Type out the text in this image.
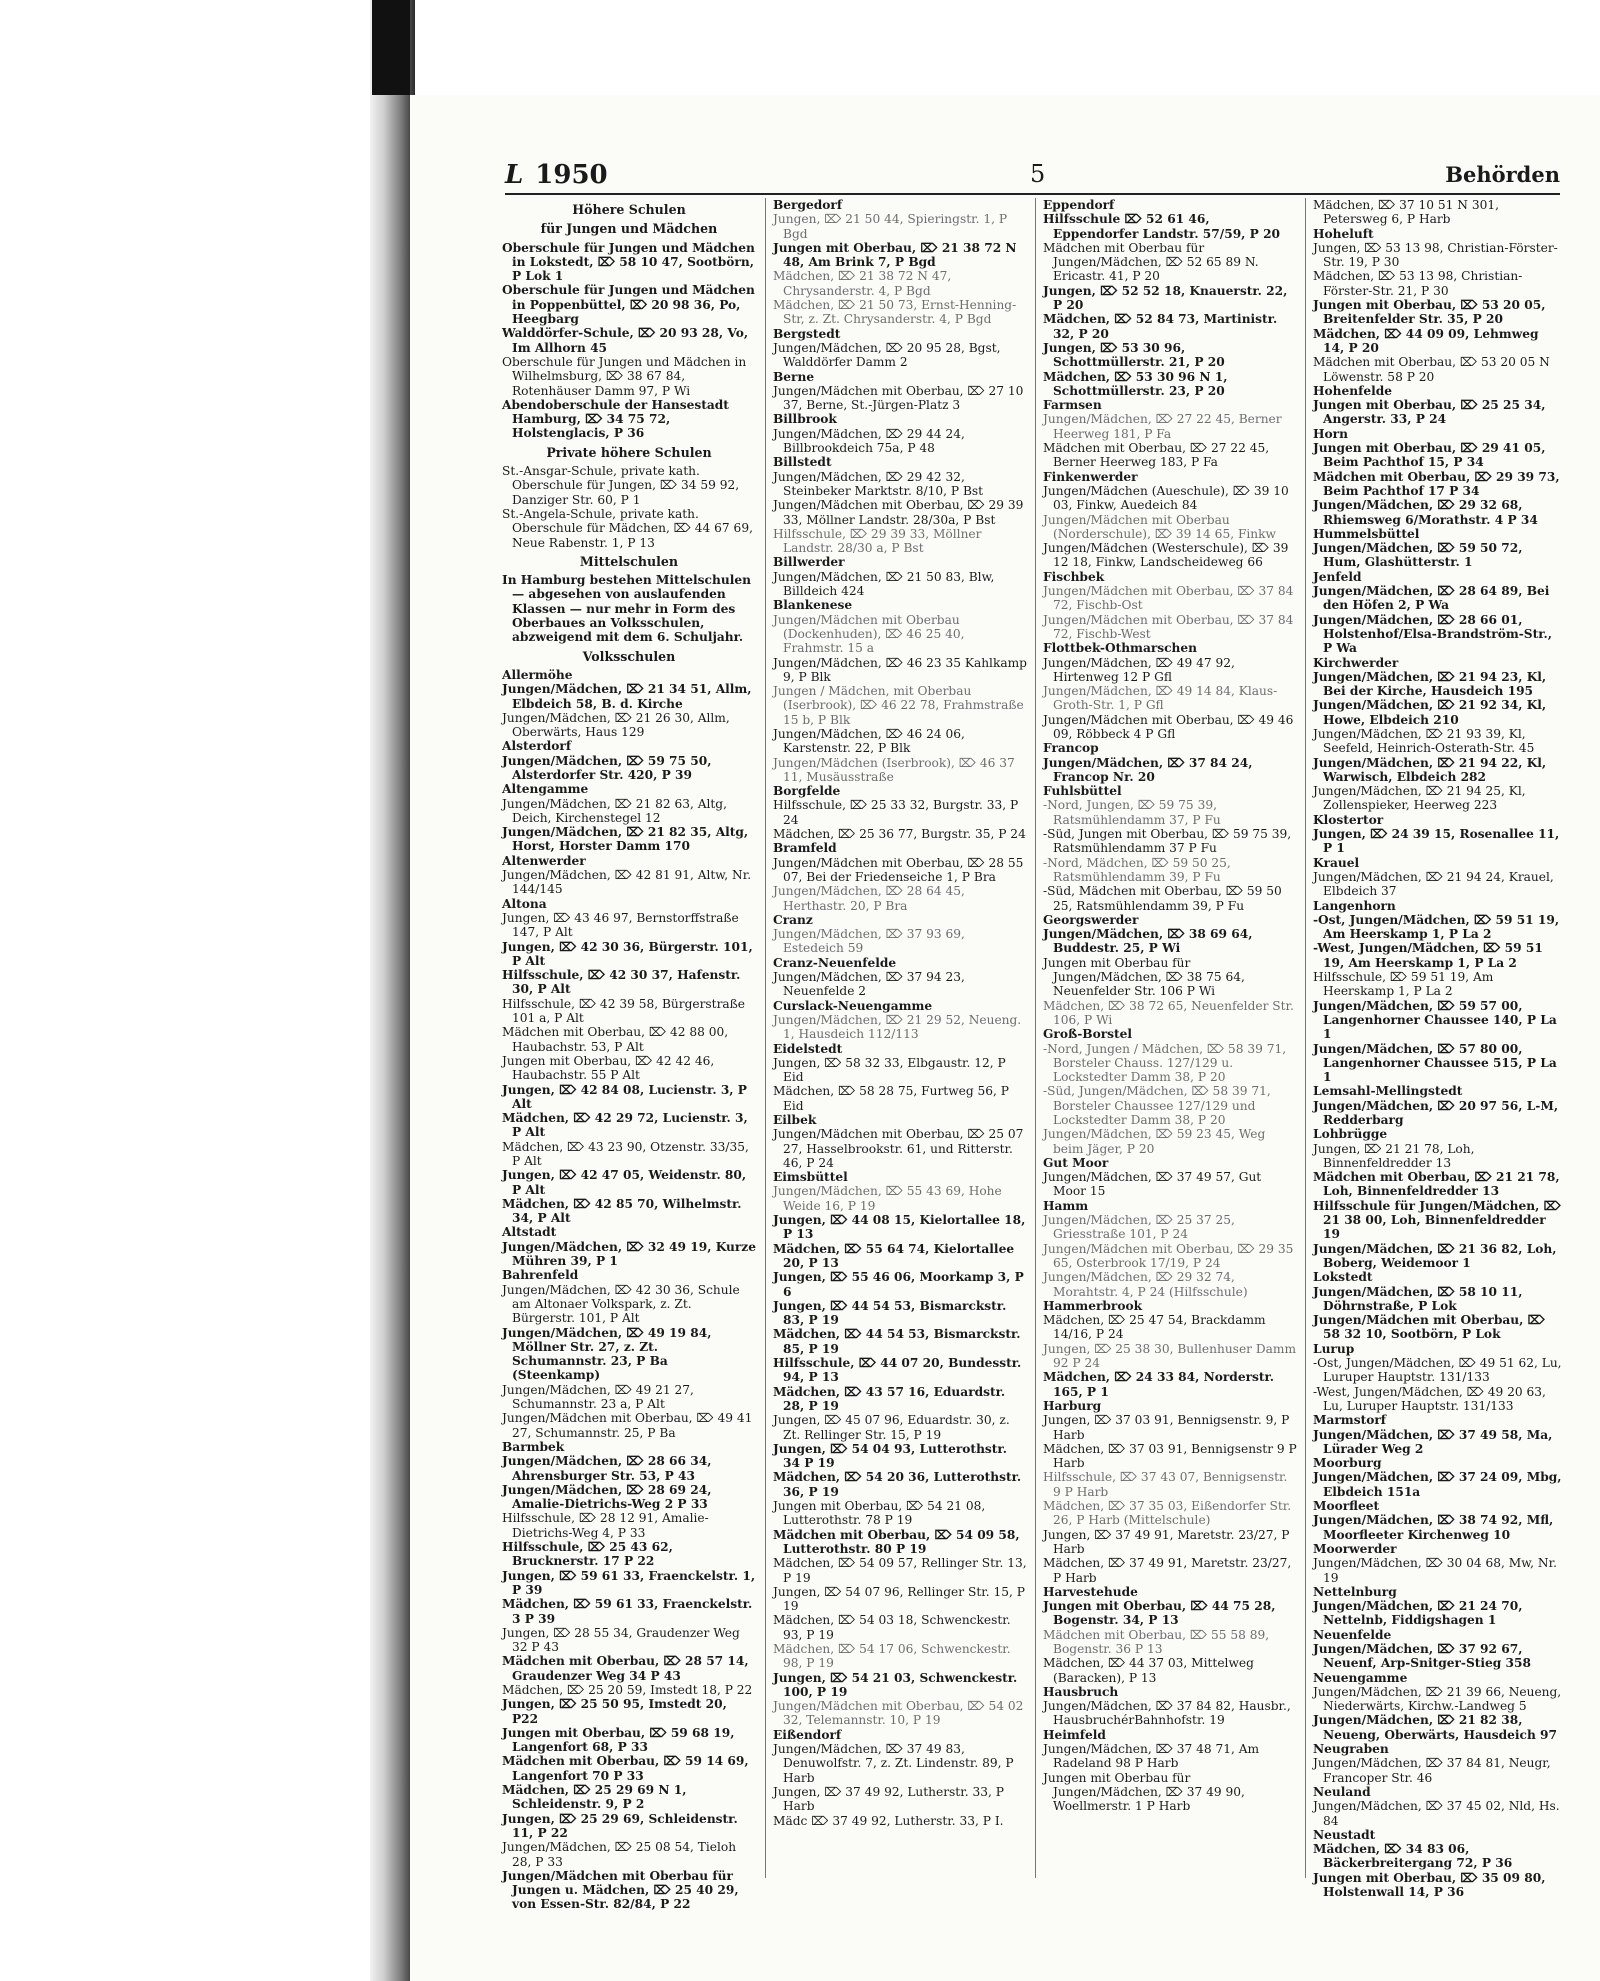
L 1950	5	Behörden

Höhere Schulen

für Jungen und Mädchen

Oberschule für Jungen und Mädchen in Lokstedt, ⌦ 58 10 47, Sootbörn, P Lok 1

Oberschule für Jungen und Mädchen in Poppenbüttel, ⌦ 20 98 36, Po, Heegbarg

Walddörfer-Schule, ⌦ 20 93 28, Vo, Im Allhorn 45

Oberschule für Jungen und Mädchen in Wilhelmsburg, ⌦ 38 67 84, Rotenhäuser Damm 97, P Wi

Abendoberschule der Hansestadt Hamburg, ⌦ 34 75 72, Holstenglacis, P 36

Private höhere Schulen

St.-Ansgar-Schule, private kath. Oberschule für Jungen, ⌦ 34 59 92, Danziger Str. 60, P 1

St.-Angela-Schule, private kath. Oberschule für Mädchen, ⌦ 44 67 69, Neue Rabenstr. 1, P 13

Mittelschulen

In Hamburg bestehen Mittelschulen — abgesehen von auslaufenden Klassen — nur mehr in Form des Oberbaues an Volksschulen, abzweigend mit dem 6. Schuljahr.

Volksschulen

Allermöhe

Jungen/Mädchen, ⌦ 21 34 51, Allm, Elbdeich 58, B. d. Kirche

Jungen/Mädchen, ⌦ 21 26 30, Allm, Oberwärts, Haus 129

Alsterdorf

Jungen/Mädchen, ⌦ 59 75 50, Alsterdorfer Str. 420, P 39

Altengamme

Jungen/Mädchen, ⌦ 21 82 63, Altg, Deich, Kirchenstegel 12

Jungen/Mädchen, ⌦ 21 82 35, Altg, Horst, Horster Damm 170

Altenwerder

Jungen/Mädchen, ⌦ 42 81 91, Altw, Nr. 144/145

Altona

Jungen, ⌦ 43 46 97, Bernstorffstraße 147, P Alt

Jungen, ⌦ 42 30 36, Bürgerstr. 101, P Alt

Hilfsschule, ⌦ 42 30 37, Hafenstr. 30, P Alt

Hilfsschule, ⌦ 42 39 58, Bürgerstraße 101 a, P Alt

Mädchen mit Oberbau, ⌦ 42 88 00, Haubachstr. 53, P Alt

Jungen mit Oberbau, ⌦ 42 42 46, Haubachstr. 55 P Alt

Jungen, ⌦ 42 84 08, Lucienstr. 3, P Alt

Mädchen, ⌦ 42 29 72, Lucienstr. 3, P Alt

Mädchen, ⌦ 43 23 90, Otzenstr. 33/35, P Alt

Jungen, ⌦ 42 47 05, Weidenstr. 80, P Alt

Mädchen, ⌦ 42 85 70, Wilhelmstr. 34, P Alt

Altstadt

Jungen/Mädchen, ⌦ 32 49 19, Kurze Mühren 39, P 1

Bahrenfeld

Jungen/Mädchen, ⌦ 42 30 36, Schule am Altonaer Volkspark, z. Zt. Bürgerstr. 101, P Alt

Jungen/Mädchen, ⌦ 49 19 84, Möllner Str. 27, z. Zt. Schumannstr. 23, P Ba (Steenkamp)

Jungen/Mädchen, ⌦ 49 21 27, Schumannstr. 23 a, P Alt

Jungen/Mädchen mit Oberbau, ⌦ 49 41 27, Schumannstr. 25, P Ba

Barmbek

Jungen/Mädchen, ⌦ 28 66 34, Ahrensburger Str. 53, P 43

Jungen/Mädchen, ⌦ 28 69 24, Amalie-Dietrichs-Weg 2 P 33

Hilfsschule, ⌦ 28 12 91, Amalie-Dietrichs-Weg 4, P 33

Hilfsschule, ⌦ 25 43 62, Brucknerstr. 17 P 22

Jungen, ⌦ 59 61 33, Fraenckelstr. 1, P 39

Mädchen, ⌦ 59 61 33, Fraenckelstr. 3 P 39

Jungen, ⌦ 28 55 34, Graudenzer Weg 32 P 43

Mädchen mit Oberbau, ⌦ 28 57 14, Graudenzer Weg 34 P 43

Mädchen, ⌦ 25 20 59, Imstedt 18, P 22

Jungen, ⌦ 25 50 95, Imstedt 20, P22

Jungen mit Oberbau, ⌦ 59 68 19, Langenfort 68, P 33

Mädchen mit Oberbau, ⌦ 59 14 69, Langenfort 70 P 33

Mädchen, ⌦ 25 29 69 N 1, Schleidenstr. 9, P 2

Jungen, ⌦ 25 29 69, Schleidenstr. 11, P 22

Jungen/Mädchen, ⌦ 25 08 54, Tieloh 28, P 33

Jungen/Mädchen mit Oberbau für Jungen u. Mädchen, ⌦ 25 40 29, von Essen-Str. 82/84, P 22

Bergedorf

Jungen, ⌦ 21 50 44, Spieringstr. 1, P Bgd

Jungen mit Oberbau, ⌦ 21 38 72 N 48, Am Brink 7, P Bgd

Mädchen, ⌦ 21 38 72 N 47, Chrysanderstr. 4, P Bgd

Mädchen, ⌦ 21 50 73, Ernst-Henning-Str, z. Zt. Chrysanderstr. 4, P Bgd

Bergstedt

Jungen/Mädchen, ⌦ 20 95 28, Bgst, Walddörfer Damm 2

Berne

Jungen/Mädchen mit Oberbau, ⌦ 27 10 37, Berne, St.-Jürgen-Platz 3

Billbrook

Jungen/Mädchen, ⌦ 29 44 24, Billbrookdeich 75a, P 48

Billstedt

Jungen/Mädchen, ⌦ 29 42 32, Steinbeker Marktstr. 8/10, P Bst

Jungen/Mädchen mit Oberbau, ⌦ 29 39 33, Möllner Landstr. 28/30a, P Bst

Hilfsschule, ⌦ 29 39 33, Möllner Landstr. 28/30 a, P Bst

Billwerder

Jungen/Mädchen, ⌦ 21 50 83, Blw, Billdeich 424

Blankenese

Jungen/Mädchen mit Oberbau (Dockenhuden), ⌦ 46 25 40, Frahmstr. 15 a

Jungen/Mädchen, ⌦ 46 23 35 Kahlkamp 9, P Blk

Jungen / Mädchen, mit Oberbau (Iserbrook), ⌦ 46 22 78, Frahmstraße 15 b, P Blk

Jungen/Mädchen, ⌦ 46 24 06, Karstenstr. 22, P Blk

Jungen/Mädchen (Iserbrook), ⌦ 46 37 11, Musäusstraße

Borgfelde

Hilfsschule, ⌦ 25 33 32, Burgstr. 33, P 24

Mädchen, ⌦ 25 36 77, Burgstr. 35, P 24

Bramfeld

Jungen/Mädchen mit Oberbau, ⌦ 28 55 07, Bei der Friedenseiche 1, P Bra

Jungen/Mädchen, ⌦ 28 64 45, Herthastr. 20, P Bra

Cranz

Jungen/Mädchen, ⌦ 37 93 69, Estedeich 59

Cranz-Neuenfelde

Jungen/Mädchen, ⌦ 37 94 23, Neuenfelde 2

Curslack-Neuengamme

Jungen/Mädchen, ⌦ 21 29 52, Neueng. 1, Hausdeich 112/113

Eidelstedt

Jungen, ⌦ 58 32 33, Elbgaustr. 12, P Eid

Mädchen, ⌦ 58 28 75, Furtweg 56, P Eid

Eilbek

Jungen/Mädchen mit Oberbau, ⌦ 25 07 27, Hasselbrookstr. 61, und Ritterstr. 46, P 24

Eimsbüttel

Jungen/Mädchen, ⌦ 55 43 69, Hohe Weide 16, P 19

Jungen, ⌦ 44 08 15, Kielortallee 18, P 13

Mädchen, ⌦ 55 64 74, Kielortallee 20, P 13

Jungen, ⌦ 55 46 06, Moorkamp 3, P 6

Jungen, ⌦ 44 54 53, Bismarckstr. 83, P 19

Mädchen, ⌦ 44 54 53, Bismarckstr. 85, P 19

Hilfsschule, ⌦ 44 07 20, Bundesstr. 94, P 13

Mädchen, ⌦ 43 57 16, Eduardstr. 28, P 19

Jungen, ⌦ 45 07 96, Eduardstr. 30, z. Zt. Rellinger Str. 15, P 19

Jungen, ⌦ 54 04 93, Lutterothstr. 34 P 19

Mädchen, ⌦ 54 20 36, Lutterothstr. 36, P 19

Jungen mit Oberbau, ⌦ 54 21 08, Lutterothstr. 78 P 19

Mädchen mit Oberbau, ⌦ 54 09 58, Lutterothstr. 80 P 19

Mädchen, ⌦ 54 09 57, Rellinger Str. 13, P 19

Jungen, ⌦ 54 07 96, Rellinger Str. 15, P 19

Mädchen, ⌦ 54 03 18, Schwenckestr. 93, P 19

Mädchen, ⌦ 54 17 06, Schwenckestr. 98, P 19

Jungen, ⌦ 54 21 03, Schwenckestr. 100, P 19

Jungen/Mädchen mit Oberbau, ⌦ 54 02 32, Telemannstr. 10, P 19

Eißendorf

Jungen/Mädchen, ⌦ 37 49 83, Denuwolfstr. 7, z. Zt. Lindenstr. 89, P Harb

Jungen, ⌦ 37 49 92, Lutherstr. 33, P Harb

Mädc ⌦ 37 49 92, Lutherstr. 33, P I.

Eppendorf

Hilfsschule ⌦ 52 61 46, Eppendorfer Landstr. 57/59, P 20

Mädchen mit Oberbau für Jungen/Mädchen, ⌦ 52 65 89 N. Ericastr. 41, P 20

Jungen, ⌦ 52 52 18, Knauerstr. 22, P 20

Mädchen, ⌦ 52 84 73, Martinistr. 32, P 20

Jungen, ⌦ 53 30 96, Schottmüllerstr. 21, P 20

Mädchen, ⌦ 53 30 96 N 1, Schottmüllerstr. 23, P 20

Farmsen

Jungen/Mädchen, ⌦ 27 22 45, Berner Heerweg 181, P Fa

Mädchen mit Oberbau, ⌦ 27 22 45, Berner Heerweg 183, P Fa

Finkenwerder

Jungen/Mädchen (Aueschule), ⌦ 39 10 03, Finkw, Auedeich 84

Jungen/Mädchen mit Oberbau (Norderschule), ⌦ 39 14 65, Finkw

Jungen/Mädchen (Westerschule), ⌦ 39 12 18, Finkw, Landscheideweg 66

Fischbek

Jungen/Mädchen mit Oberbau, ⌦ 37 84 72, Fischb-Ost

Jungen/Mädchen mit Oberbau, ⌦ 37 84 72, Fischb-West

Flottbek-Othmarschen

Jungen/Mädchen, ⌦ 49 47 92, Hirtenweg 12 P Gfl

Jungen/Mädchen, ⌦ 49 14 84, Klaus-Groth-Str. 1, P Gfl

Jungen/Mädchen mit Oberbau, ⌦ 49 46 09, Röbbeck 4 P Gfl

Francop

Jungen/Mädchen, ⌦ 37 84 24, Francop Nr. 20

Fuhlsbüttel

-Nord, Jungen, ⌦ 59 75 39, Ratsmühlendamm 37, P Fu

-Süd, Jungen mit Oberbau, ⌦ 59 75 39, Ratsmühlendamm 37 P Fu

-Nord, Mädchen, ⌦ 59 50 25, Ratsmühlendamm 39, P Fu

-Süd, Mädchen mit Oberbau, ⌦ 59 50 25, Ratsmühlendamm 39, P Fu

Georgswerder

Jungen/Mädchen, ⌦ 38 69 64, Buddestr. 25, P Wi

Jungen mit Oberbau für Jungen/Mädchen, ⌦ 38 75 64, Neuenfelder Str. 106 P Wi

Mädchen, ⌦ 38 72 65, Neuenfelder Str. 106, P Wi

Groß-Borstel

-Nord, Jungen / Mädchen, ⌦ 58 39 71, Borsteler Chauss. 127/129 u. Lockstedter Damm 38, P 20

-Süd, Jungen/Mädchen, ⌦ 58 39 71, Borsteler Chaussee 127/129 und Lockstedter Damm 38, P 20

Jungen/Mädchen, ⌦ 59 23 45, Weg beim Jäger, P 20

Gut Moor

Jungen/Mädchen, ⌦ 37 49 57, Gut Moor 15

Hamm

Jungen/Mädchen, ⌦ 25 37 25, Griesstraße 101, P 24

Jungen/Mädchen mit Oberbau, ⌦ 29 35 65, Osterbrook 17/19, P 24

Jungen/Mädchen, ⌦ 29 32 74, Morahtstr. 4, P 24 (Hilfsschule)

Hammerbrook

Mädchen, ⌦ 25 47 54, Brackdamm 14/16, P 24

Jungen, ⌦ 25 38 30, Bullenhuser Damm 92 P 24

Mädchen, ⌦ 24 33 84, Norderstr. 165, P 1

Harburg

Jungen, ⌦ 37 03 91, Bennigsenstr. 9, P Harb

Mädchen, ⌦ 37 03 91, Bennigsenstr 9 P Harb

Hilfsschule, ⌦ 37 43 07, Bennigsenstr. 9 P Harb

Mädchen, ⌦ 37 35 03, Eißendorfer Str. 26, P Harb (Mittelschule)

Jungen, ⌦ 37 49 91, Maretstr. 23/27, P Harb

Mädchen, ⌦ 37 49 91, Maretstr. 23/27, P Harb

Harvestehude

Jungen mit Oberbau, ⌦ 44 75 28, Bogenstr. 34, P 13

Mädchen mit Oberbau, ⌦ 55 58 89, Bogenstr. 36 P 13

Mädchen, ⌦ 44 37 03, Mittelweg (Baracken), P 13

Hausbruch

Jungen/Mädchen, ⌦ 37 84 82, Hausbr., HausbruchérBahnhofstr. 19

Heimfeld

Jungen/Mädchen, ⌦ 37 48 71, Am Radeland 98 P Harb

Jungen mit Oberbau für Jungen/Mädchen, ⌦ 37 49 90, Woellmerstr. 1 P Harb

Mädchen, ⌦ 37 10 51 N 301, Petersweg 6, P Harb

Hoheluft

Jungen, ⌦ 53 13 98, Christian-Förster-Str. 19, P 30

Mädchen, ⌦ 53 13 98, Christian-Förster-Str. 21, P 30

Jungen mit Oberbau, ⌦ 53 20 05, Breitenfelder Str. 35, P 20

Mädchen, ⌦ 44 09 09, Lehmweg 14, P 20

Mädchen mit Oberbau, ⌦ 53 20 05 N Löwenstr. 58 P 20

Hohenfelde

Jungen mit Oberbau, ⌦ 25 25 34, Angerstr. 33, P 24

Horn

Jungen mit Oberbau, ⌦ 29 41 05, Beim Pachthof 15, P 34

Mädchen mit Oberbau, ⌦ 29 39 73, Beim Pachthof 17 P 34

Jungen/Mädchen, ⌦ 29 32 68, Rhiemsweg 6/Morathstr. 4 P 34

Hummelsbüttel

Jungen/Mädchen, ⌦ 59 50 72, Hum, Glashütterstr. 1

Jenfeld

Jungen/Mädchen, ⌦ 28 64 89, Bei den Höfen 2, P Wa

Jungen/Mädchen, ⌦ 28 66 01, Holstenhof/Elsa-Brandström-Str., P Wa

Kirchwerder

Jungen/Mädchen, ⌦ 21 94 23, Kl, Bei der Kirche, Hausdeich 195

Jungen/Mädchen, ⌦ 21 92 34, Kl, Howe, Elbdeich 210

Jungen/Mädchen, ⌦ 21 93 39, Kl, Seefeld, Heinrich-Osterath-Str. 45

Jungen/Mädchen, ⌦ 21 94 22, Kl, Warwisch, Elbdeich 282

Jungen/Mädchen, ⌦ 21 94 25, Kl, Zollenspieker, Heerweg 223

Klostertor

Jungen, ⌦ 24 39 15, Rosenallee 11, P 1

Krauel

Jungen/Mädchen, ⌦ 21 94 24, Krauel, Elbdeich 37

Langenhorn

-Ost, Jungen/Mädchen, ⌦ 59 51 19, Am Heerskamp 1, P La 2

-West, Jungen/Mädchen, ⌦ 59 51 19, Am Heerskamp 1, P La 2

Hilfsschule, ⌦ 59 51 19, Am Heerskamp 1, P La 2

Jungen/Mädchen, ⌦ 59 57 00, Langenhorner Chaussee 140, P La 1

Jungen/Mädchen, ⌦ 57 80 00, Langenhorner Chaussee 515, P La 1

Lemsahl-Mellingstedt

Jungen/Mädchen, ⌦ 20 97 56, L-M, Redderbarg

Lohbrügge

Jungen, ⌦ 21 21 78, Loh, Binnenfeldredder 13

Mädchen mit Oberbau, ⌦ 21 21 78, Loh, Binnenfeldredder 13

Hilfsschule für Jungen/Mädchen, ⌦ 21 38 00, Loh, Binnenfeldredder 19

Jungen/Mädchen, ⌦ 21 36 82, Loh, Boberg, Weidemoor 1

Lokstedt

Jungen/Mädchen, ⌦ 58 10 11, Döhrnstraße, P Lok

Jungen/Mädchen mit Oberbau, ⌦ 58 32 10, Sootbörn, P Lok

Lurup

-Ost, Jungen/Mädchen, ⌦ 49 51 62, Lu, Luruper Hauptstr. 131/133

-West, Jungen/Mädchen, ⌦ 49 20 63, Lu, Luruper Hauptstr. 131/133

Marmstorf

Jungen/Mädchen, ⌦ 37 49 58, Ma, Lürader Weg 2

Moorburg

Jungen/Mädchen, ⌦ 37 24 09, Mbg, Elbdeich 151a

Moorfleet

Jungen/Mädchen, ⌦ 38 74 92, Mfl, Moorfleeter Kirchenweg 10

Moorwerder

Jungen/Mädchen, ⌦ 30 04 68, Mw, Nr. 19

Nettelnburg

Jungen/Mädchen, ⌦ 21 24 70, Nettelnb, Fiddigshagen 1

Neuenfelde

Jungen/Mädchen, ⌦ 37 92 67, Neuenf, Arp-Snitger-Stieg 358

Neuengamme

Jungen/Mädchen, ⌦ 21 39 66, Neueng, Niederwärts, Kirchw.-Landweg 5

Jungen/Mädchen, ⌦ 21 82 38, Neueng, Oberwärts, Hausdeich 97

Neugraben

Jungen/Mädchen, ⌦ 37 84 81, Neugr, Francoper Str. 46

Neuland

Jungen/Mädchen, ⌦ 37 45 02, Nld, Hs. 84

Neustadt

Mädchen, ⌦ 34 83 06, Bäckerbreitergang 72, P 36

Jungen mit Oberbau, ⌦ 35 09 80, Holstenwall 14, P 36
